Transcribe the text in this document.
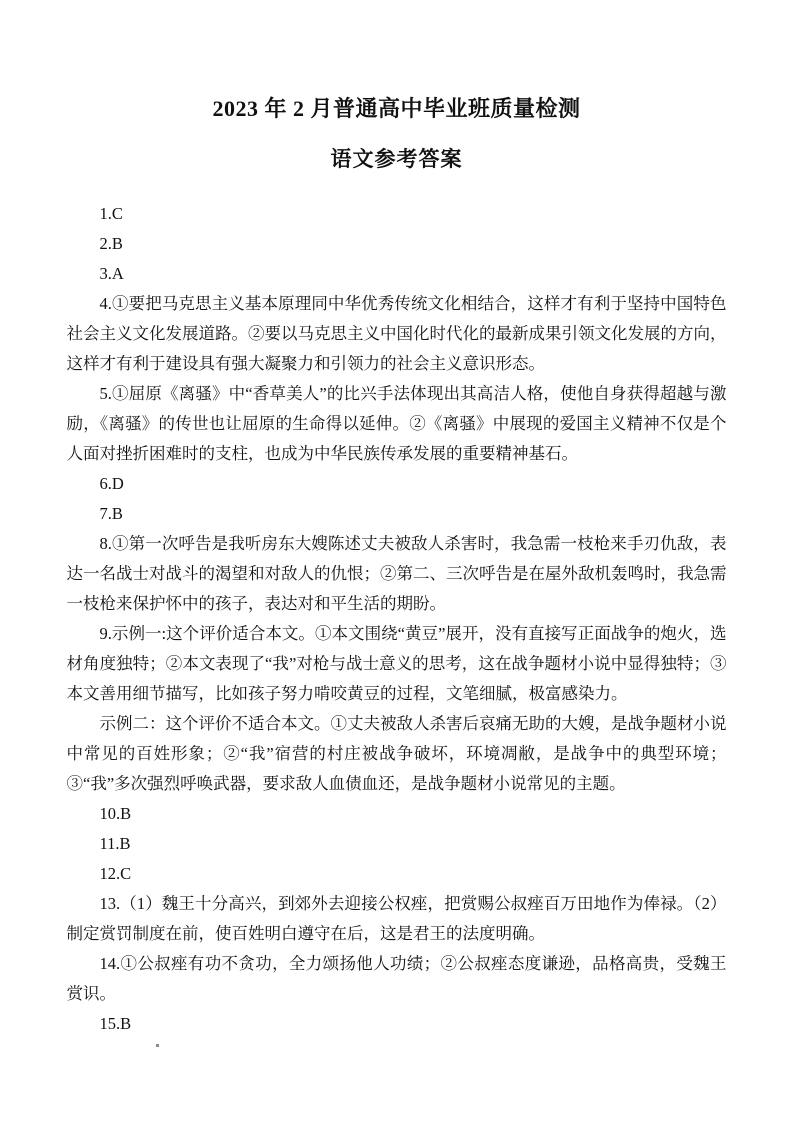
2023 年 2 月普通高中毕业班质量检测
语文参考答案

1.C

2.B

3.A

4.①要把马克思主义基本原理同中华优秀传统文化相结合，这样才有利于坚持中国特色社会主义文化发展道路。②要以马克思主义中国化时代化的最新成果引领文化发展的方向，这样才有利于建设具有强大凝聚力和引领力的社会主义意识形态。

5.①屈原《离骚》中“香草美人”的比兴手法体现出其高洁人格，使他自身获得超越与激励，《离骚》的传世也让屈原的生命得以延伸。②《离骚》中展现的爱国主义精神不仅是个人面对挫折困难时的支柱，也成为中华民族传承发展的重要精神基石。

6.D

7.B

8.①第一次呼告是我听房东大嫂陈述丈夫被敌人杀害时，我急需一枝枪来手刃仇敌，表达一名战士对战斗的渴望和对敌人的仇恨；②第二、三次呼告是在屋外敌机轰鸣时，我急需一枝枪来保护怀中的孩子，表达对和平生活的期盼。

9.示例一:这个评价适合本文。①本文围绕“黄豆”展开，没有直接写正面战争的炮火，选材角度独特；②本文表现了“我”对枪与战士意义的思考，这在战争题材小说中显得独特；③本文善用细节描写，比如孩子努力啃咬黄豆的过程，文笔细腻，极富感染力。

示例二：这个评价不适合本文。①丈夫被敌人杀害后哀痛无助的大嫂，是战争题材小说中常见的百姓形象；②“我”宿营的村庄被战争破坏，环境凋敝，是战争中的典型环境；③“我”多次强烈呼唤武器，要求敌人血债血还，是战争题材小说常见的主题。

10.B

11.B

12.C

13.（1）魏王十分高兴，到郊外去迎接公权痤，把赏赐公叔痤百万田地作为俸禄。（2）制定赏罚制度在前，使百姓明白遵守在后，这是君王的法度明确。

14.①公叔痤有功不贪功，全力颂扬他人功绩；②公叔痤态度谦逊，品格高贵，受魏王赏识。

15.B
